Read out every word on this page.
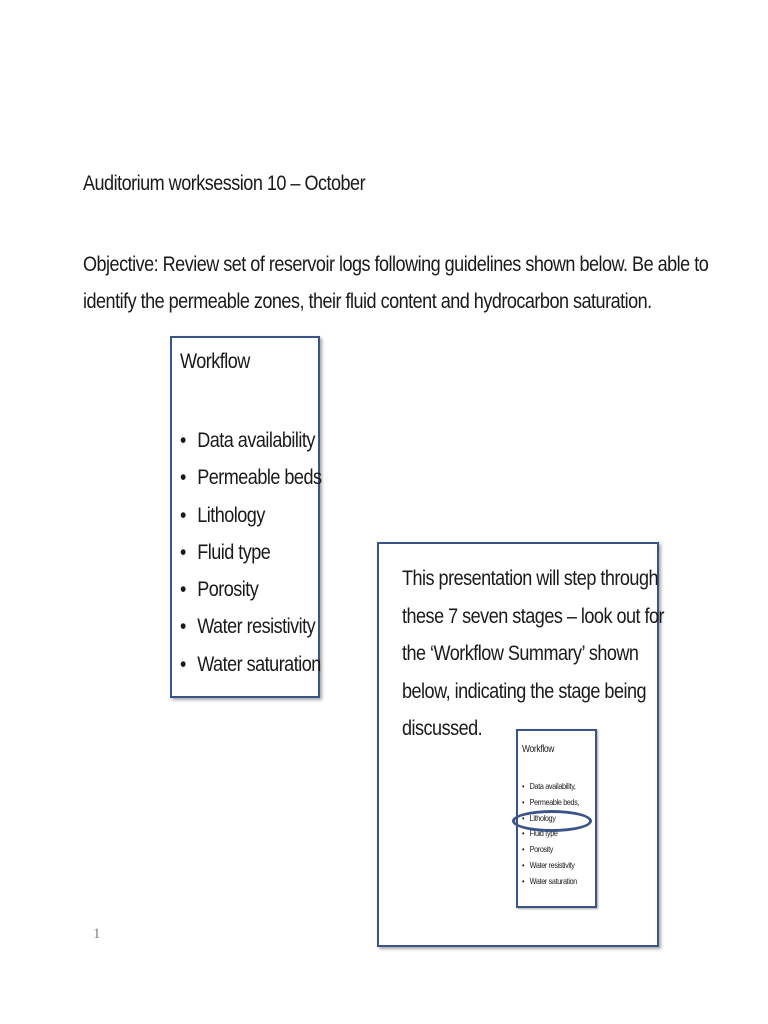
Auditorium worksession 10 – October
Objective: Review set of reservoir logs following guidelines shown below. Be able to
identify the permeable zones, their fluid content and hydrocarbon saturation.
Workflow
• Data availability
• Permeable beds
• Lithology
• Fluid type
• Porosity
• Water resistivity
• Water saturation
This presentation will step through
these 7 seven stages – look out for
the ‘Workflow Summary’ shown
below, indicating the stage being
discussed.
Workflow
• Data availability,
• Permeable beds,
• Lithology
• Fluid type
• Porosity
• Water resistivity
• Water saturation
1
